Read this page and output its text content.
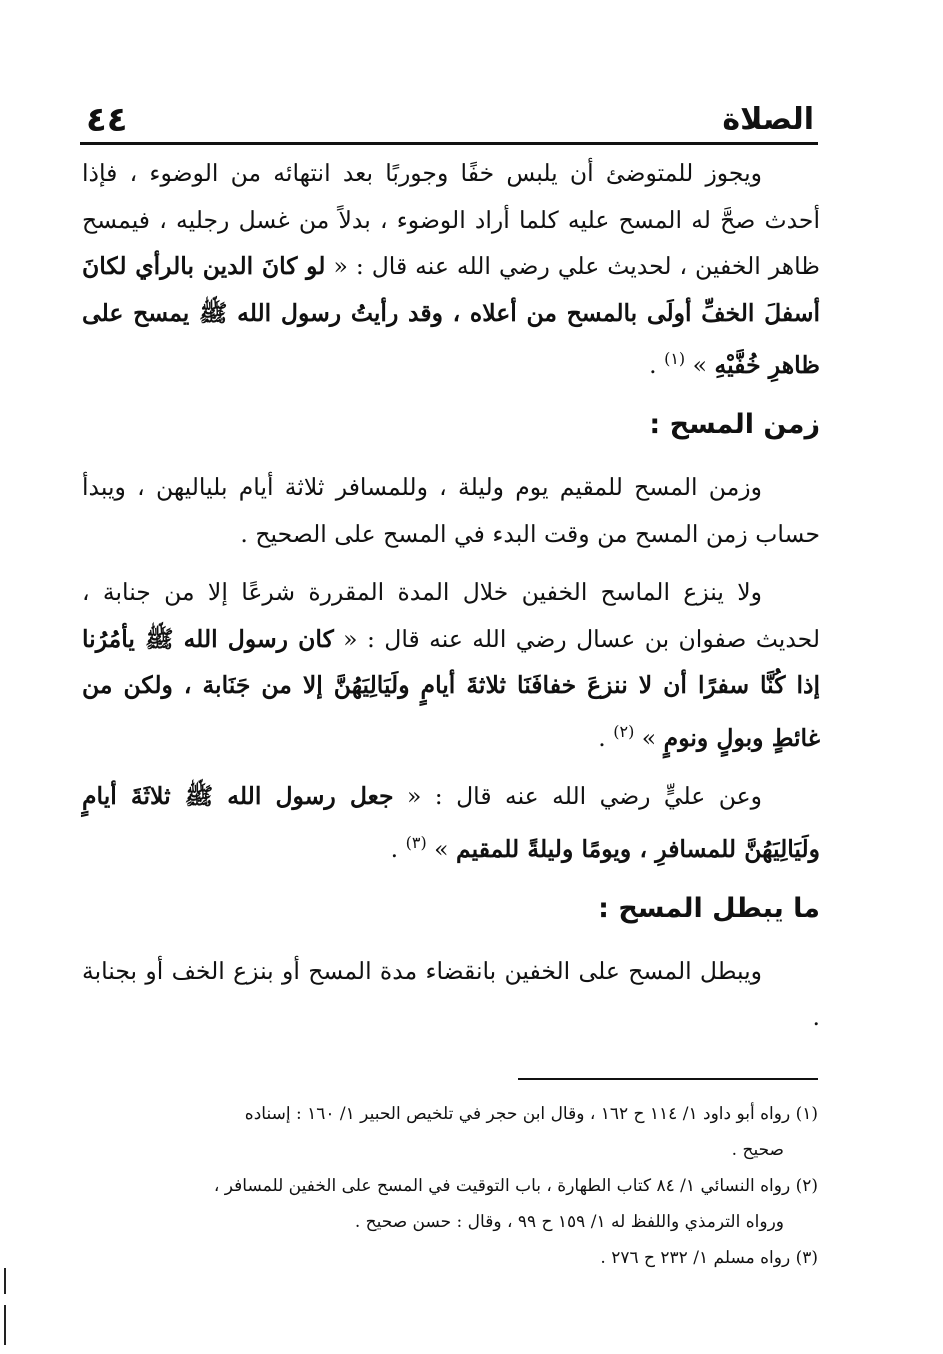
٤٤	الصلاة

ويجوز للمتوضئ أن يلبس خفًا وجوربًا بعد انتهائه من الوضوء ، فإذا أحدث صحَّ له المسح عليه كلما أراد الوضوء ، بدلاً من غسل رجليه ، فيمسح ظاهر الخفين ، لحديث علي رضي الله عنه قال : « لو كانَ الدين بالرأي لكانَ أسفلَ الخفِّ أولَى بالمسح من أعلاه ، وقد رأيتُ رسول الله ﷺ يمسح على ظاهرِ خُفَّيْهِ » $^{(١)}$ .

زمن المسح :

وزمن المسح للمقيم يوم وليلة ، وللمسافر ثلاثة أيام بلياليهن ، ويبدأ حساب زمن المسح من وقت البدء في المسح على الصحيح .

ولا ينزع الماسح الخفين خلال المدة المقررة شرعًا إلا من جنابة ، لحديث صفوان بن عسال رضي الله عنه قال : « كان رسول الله ﷺ يأمُرُنا إذا كُنَّا سفرًا أن لا ننزعَ خفافَنَا ثلاثةَ أيامٍ ولَيَالِيَهُنَّ إلا من جَنَابة ، ولكن من غائطٍ وبولٍ ونومٍ » $^{(٢)}$ .

وعن عليٍّ رضي الله عنه قال : « جعل رسول الله ﷺ ثلاثَةَ أيامٍ ولَيَالِيَهُنَّ للمسافرِ ، ويومًا وليلةً للمقيم » $^{(٣)}$ .

ما يبطل المسح :

ويبطل المسح على الخفين بانقضاء مدة المسح أو بنزع الخف أو بجنابة .

(١) رواه أبو داود ١/ ١١٤ ح ١٦٢ ، وقال ابن حجر في تلخيص الحبير ١/ ١٦٠ : إسناده

صحيح .

(٢) رواه النسائي ١/ ٨٤ كتاب الطهارة ، باب التوقيت في المسح على الخفين للمسافر ،

ورواه الترمذي واللفظ له ١/ ١٥٩ ح ٩٩ ، وقال : حسن صحيح .

(٣) رواه مسلم ١/ ٢٣٢ ح ٢٧٦ .
